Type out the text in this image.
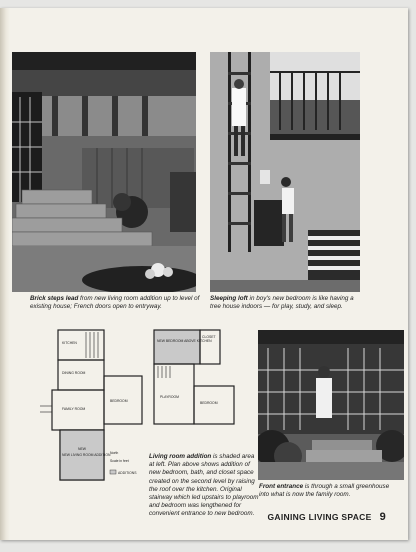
Brick steps lead from new living room addition up to level of existing house; French doors open to entryway.
Sleeping loft in boy's new bedroom is like having a tree house indoors — for play, study, and sleep.
KITCHEN
DINING ROOM
FAMILY ROOM
BEDROOM
NEW
NEW LIVING ROOM ADDITION North
Scale in feet
ADDITIONS
NEW BEDROOM ABOVE KITCHEN
CLOSET
PLAYROOM
BEDROOM
Living room addition is shaded area at left. Plan above shows addition of new bedroom, bath, and closet space created on the second level by raising the roof over the kitchen. Original stairway which led upstairs to playroom and bedroom was lengthened for convenient entrance to new bedroom.
Front entrance is through a small greenhouse into what is now the family room.
GAINING LIVING SPACE 9
